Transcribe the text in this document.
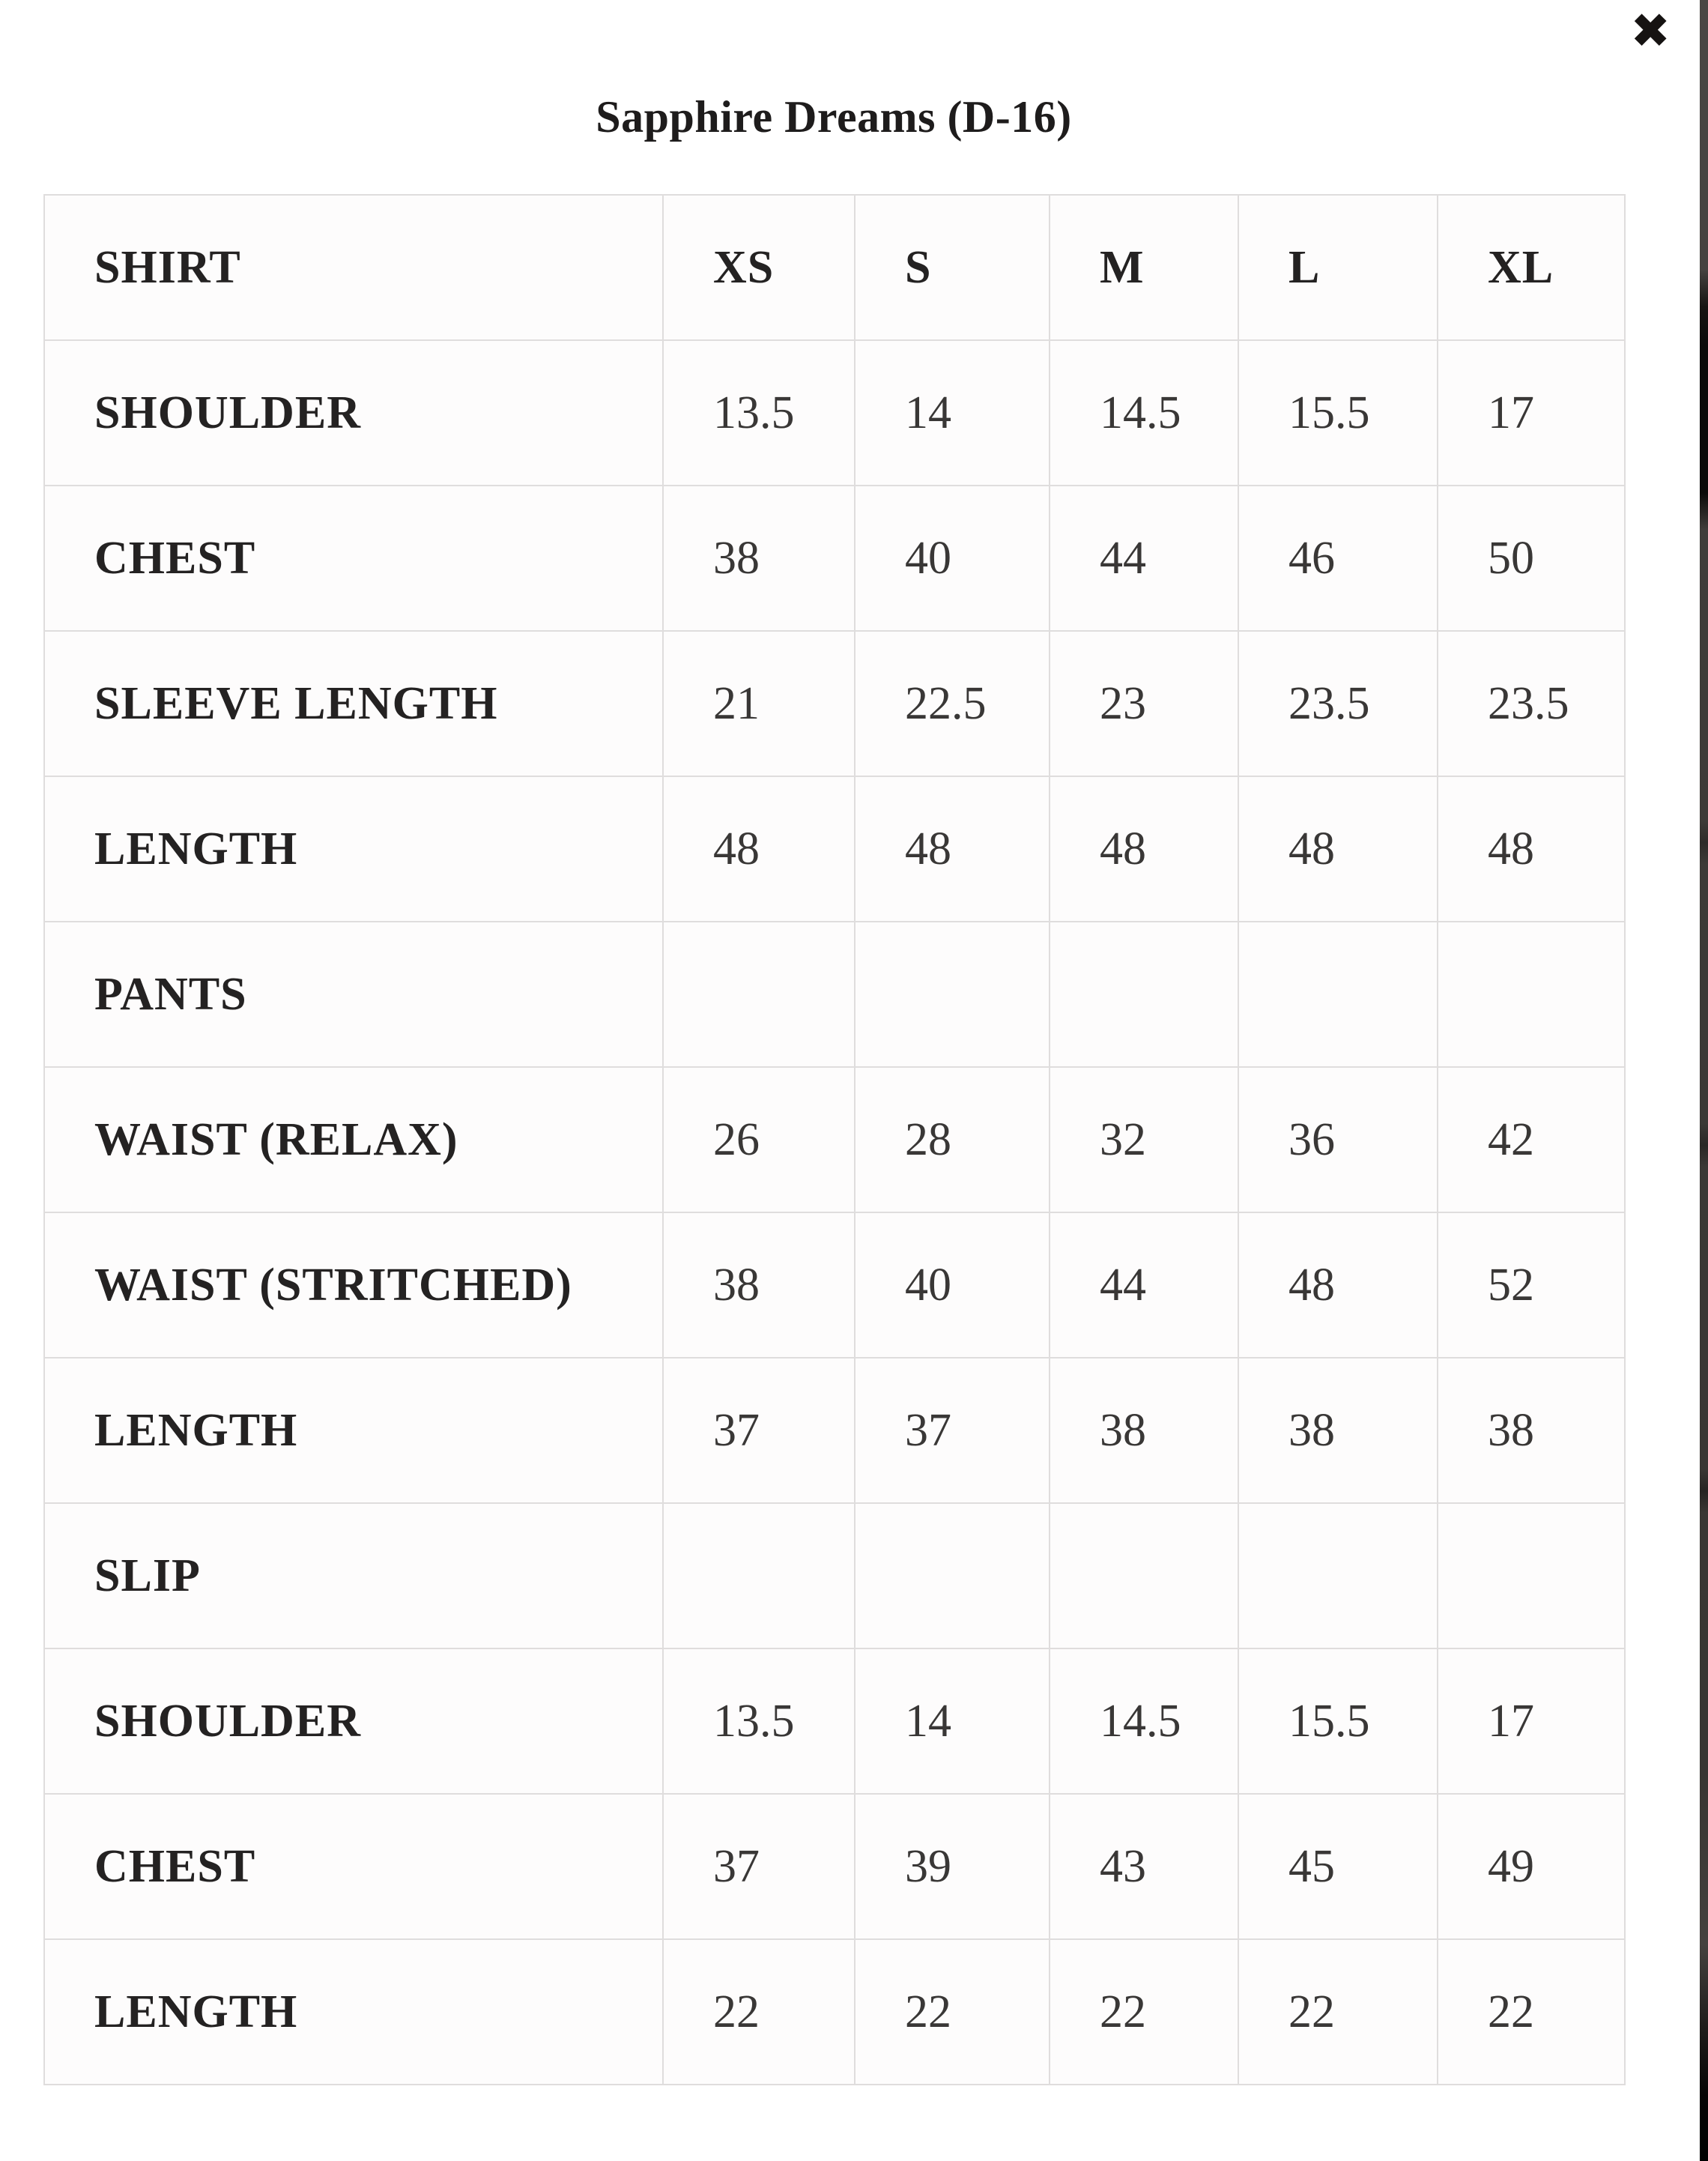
✖
Sapphire Dreams (D-16)
SHIRT	XS	S	M	L	XL
SHOULDER	13.5	14	14.5	15.5	17
CHEST	38	40	44	46	50
SLEEVE LENGTH	21	22.5	23	23.5	23.5
LENGTH	48	48	48	48	48
PANTS					
WAIST (RELAX)	26	28	32	36	42
WAIST (STRITCHED)	38	40	44	48	52
LENGTH	37	37	38	38	38
SLIP					
SHOULDER	13.5	14	14.5	15.5	17
CHEST	37	39	43	45	49
LENGTH	22	22	22	22	22
